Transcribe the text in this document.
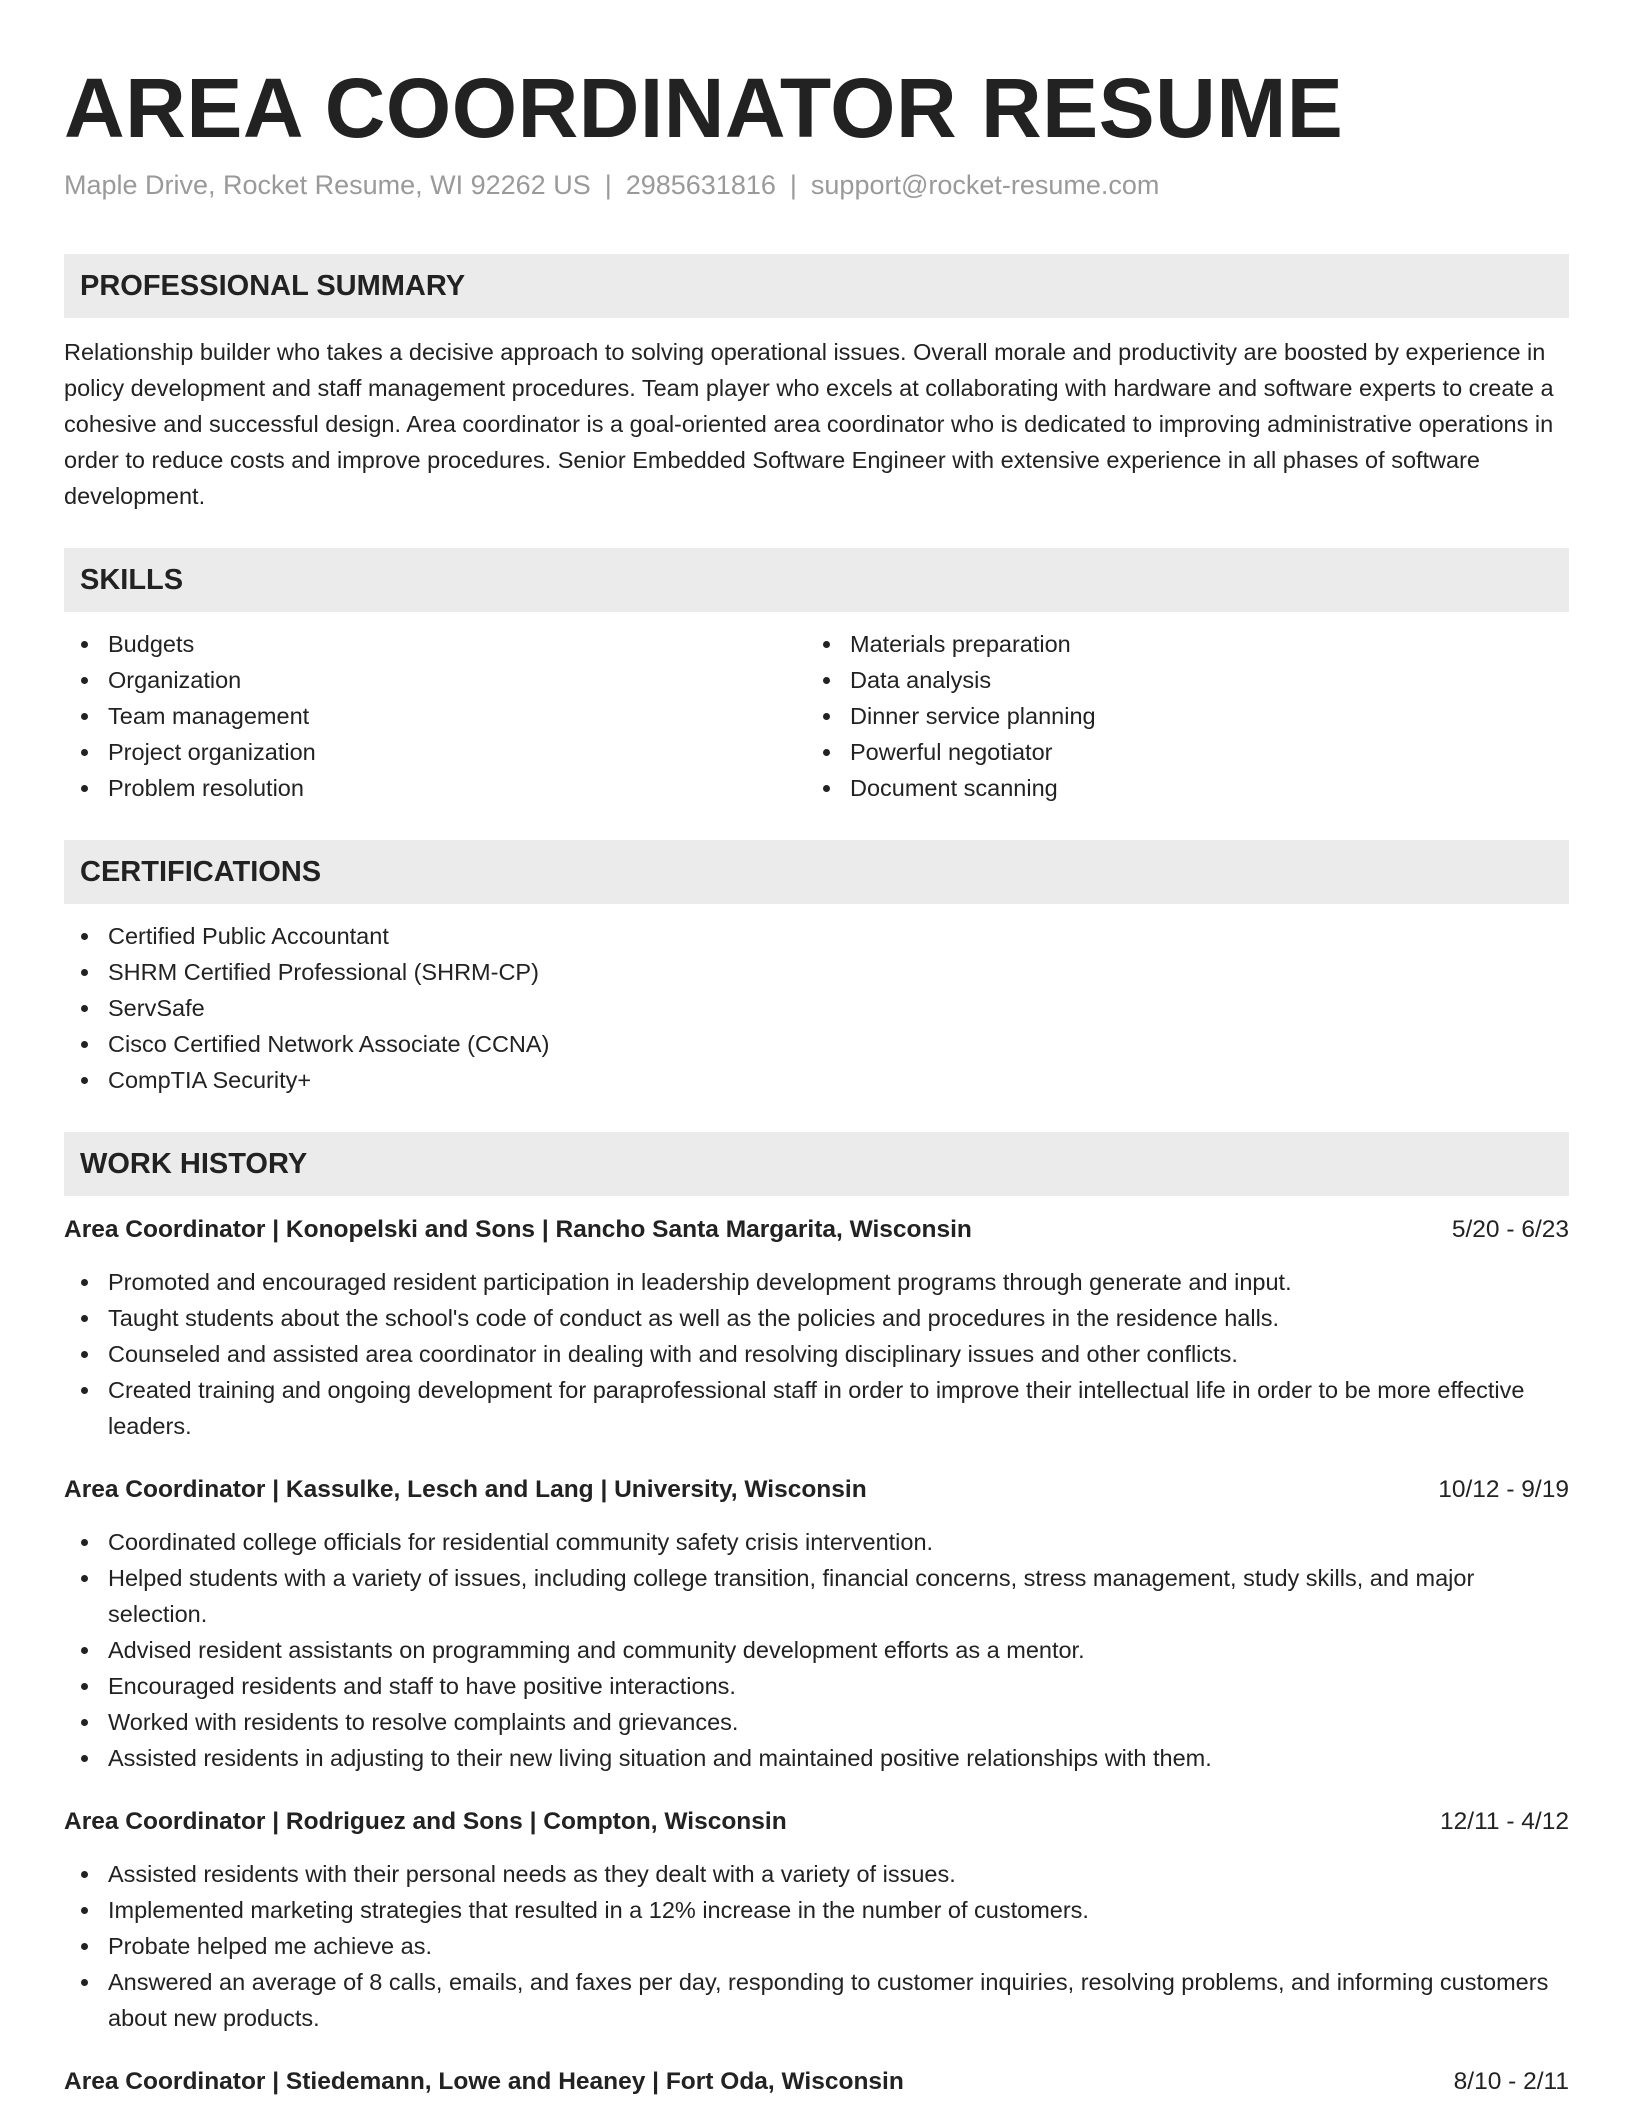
AREA COORDINATOR RESUME
Maple Drive, Rocket Resume, WI 92262 US | 2985631816 | support@rocket-resume.com
PROFESSIONAL SUMMARY
Relationship builder who takes a decisive approach to solving operational issues. Overall morale and productivity are boosted by experience in policy development and staff management procedures. Team player who excels at collaborating with hardware and software experts to create a cohesive and successful design. Area coordinator is a goal-oriented area coordinator who is dedicated to improving administrative operations in order to reduce costs and improve procedures. Senior Embedded Software Engineer with extensive experience in all phases of software development.
SKILLS
Budgets
Organization
Team management
Project organization
Problem resolution
Materials preparation
Data analysis
Dinner service planning
Powerful negotiator
Document scanning
CERTIFICATIONS
Certified Public Accountant
SHRM Certified Professional (SHRM-CP)
ServSafe
Cisco Certified Network Associate (CCNA)
CompTIA Security+
WORK HISTORY
Area Coordinator | Konopelski and Sons | Rancho Santa Margarita, Wisconsin	5/20 - 6/23
Promoted and encouraged resident participation in leadership development programs through generate and input.
Taught students about the school's code of conduct as well as the policies and procedures in the residence halls.
Counseled and assisted area coordinator in dealing with and resolving disciplinary issues and other conflicts.
Created training and ongoing development for paraprofessional staff in order to improve their intellectual life in order to be more effective leaders.
Area Coordinator | Kassulke, Lesch and Lang | University, Wisconsin	10/12 - 9/19
Coordinated college officials for residential community safety crisis intervention.
Helped students with a variety of issues, including college transition, financial concerns, stress management, study skills, and major selection.
Advised resident assistants on programming and community development efforts as a mentor.
Encouraged residents and staff to have positive interactions.
Worked with residents to resolve complaints and grievances.
Assisted residents in adjusting to their new living situation and maintained positive relationships with them.
Area Coordinator | Rodriguez and Sons | Compton, Wisconsin	12/11 - 4/12
Assisted residents with their personal needs as they dealt with a variety of issues.
Implemented marketing strategies that resulted in a 12% increase in the number of customers.
Probate helped me achieve as.
Answered an average of 8 calls, emails, and faxes per day, responding to customer inquiries, resolving problems, and informing customers about new products.
Area Coordinator | Stiedemann, Lowe and Heaney | Fort Oda, Wisconsin	8/10 - 2/11
